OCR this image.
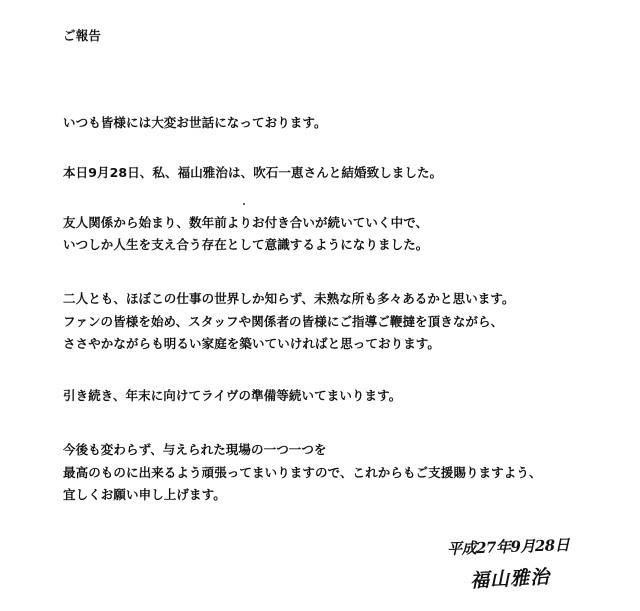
ご報告
いつも皆様には大変お世話になっております。
本日9月28日、私、福山雅治は、吹石一恵さんと結婚致しました。
友人関係から始まり、数年前よりお付き合いが続いていく中で、
いつしか人生を支え合う存在として意識するようになりました。
二人とも、ほぼこの仕事の世界しか知らず、未熟な所も多々あるかと思います。
ファンの皆様を始め、スタッフや関係者の皆様にご指導ご鞭撻を頂きながら、
ささやかながらも明るい家庭を築いていければと思っております。
引き続き、年末に向けてライヴの準備等続いてまいります。
今後も変わらず、与えられた現場の一つ一つを
最高のものに出来るよう頑張ってまいりますので、これからもご支援賜りますよう、
宜しくお願い申し上げます。
平成27年9月28日
福山雅治
